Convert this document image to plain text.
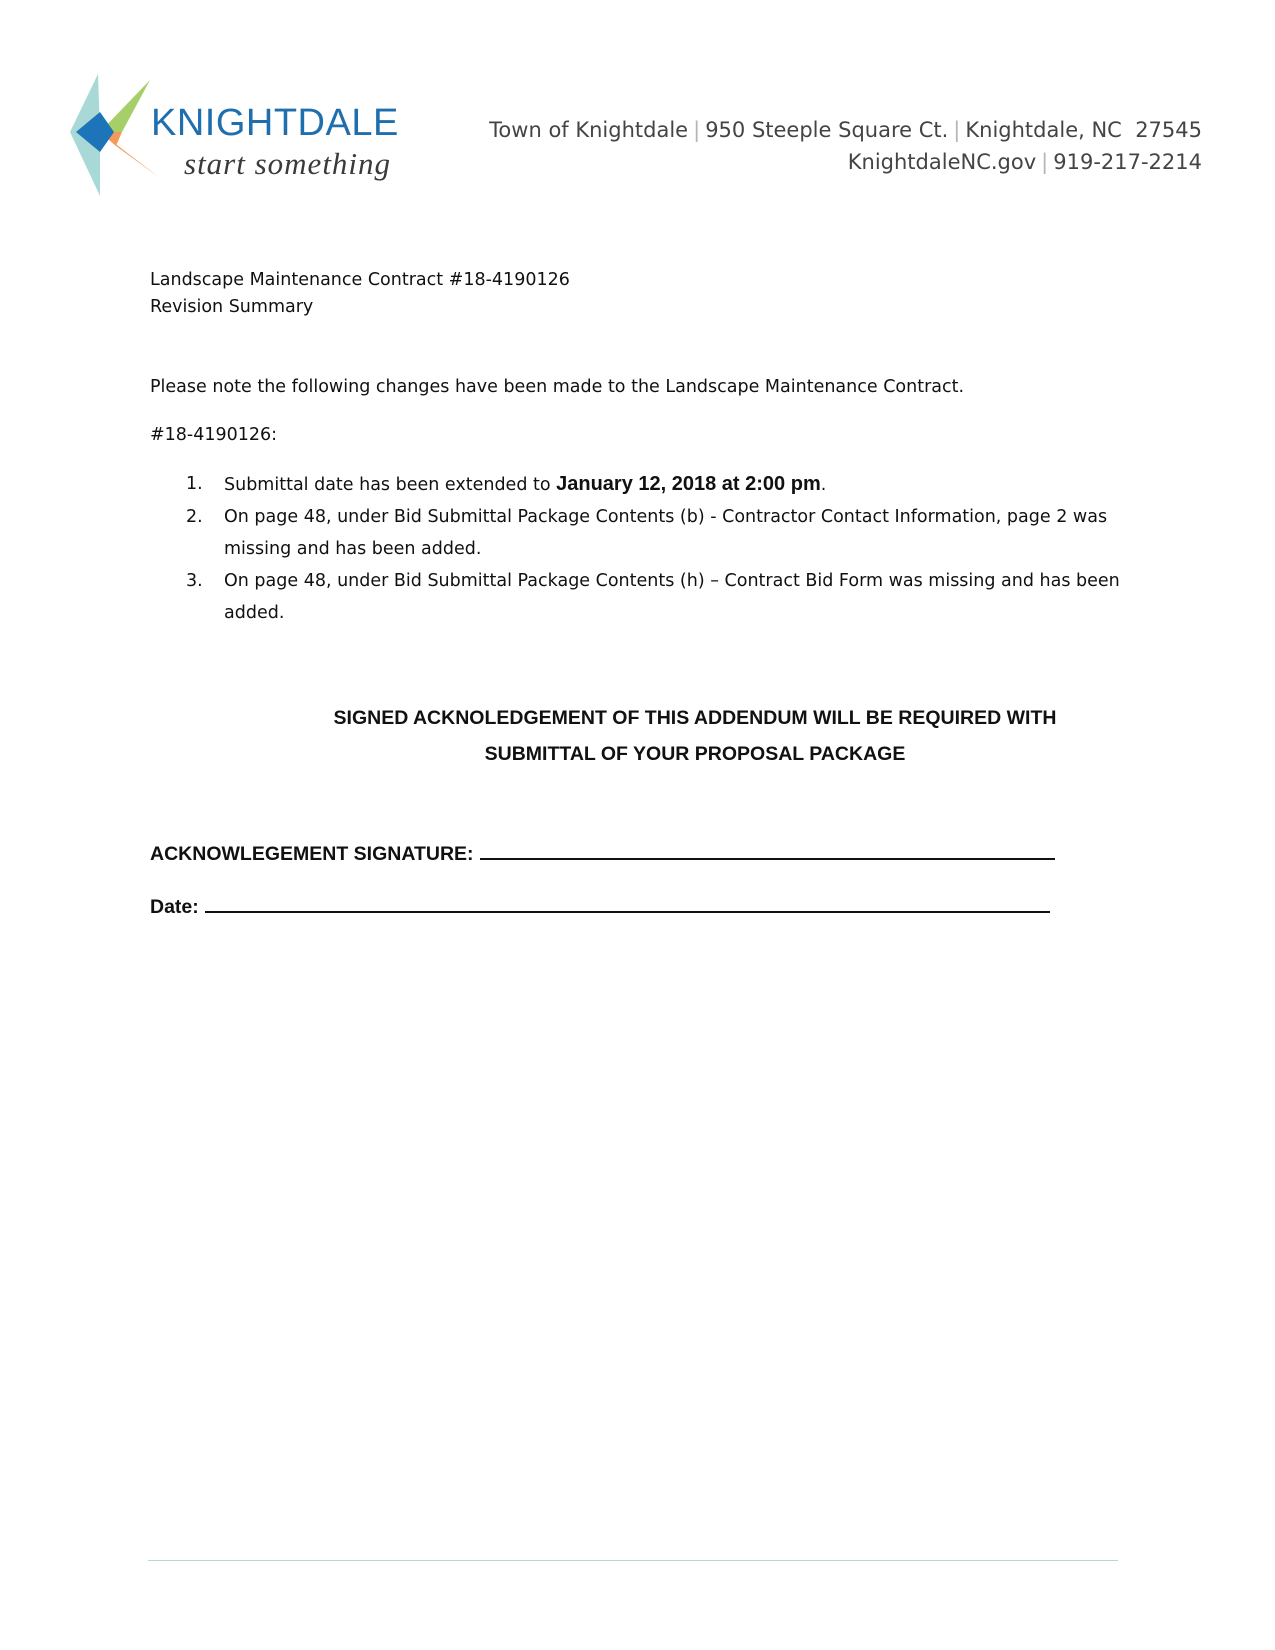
KNIGHTDALE
start something
Town of Knightdale | 950 Steeple Square Ct. | Knightdale, NC  27545
KnightdaleNC.gov | 919-217-2214
Landscape Maintenance Contract #18-4190126
Revision Summary
Please note the following changes have been made to the Landscape Maintenance Contract.
#18-4190126:
1. Submittal date has been extended to January 12, 2018 at 2:00 pm.
2. On page 48, under Bid Submittal Package Contents (b) - Contractor Contact Information, page 2 was missing and has been added.
3. On page 48, under Bid Submittal Package Contents (h) – Contract Bid Form was missing and has been added.
SIGNED ACKNOLEDGEMENT OF THIS ADDENDUM WILL BE REQUIRED WITH
SUBMITTAL OF YOUR PROPOSAL PACKAGE
ACKNOWLEGEMENT SIGNATURE:
Date:
